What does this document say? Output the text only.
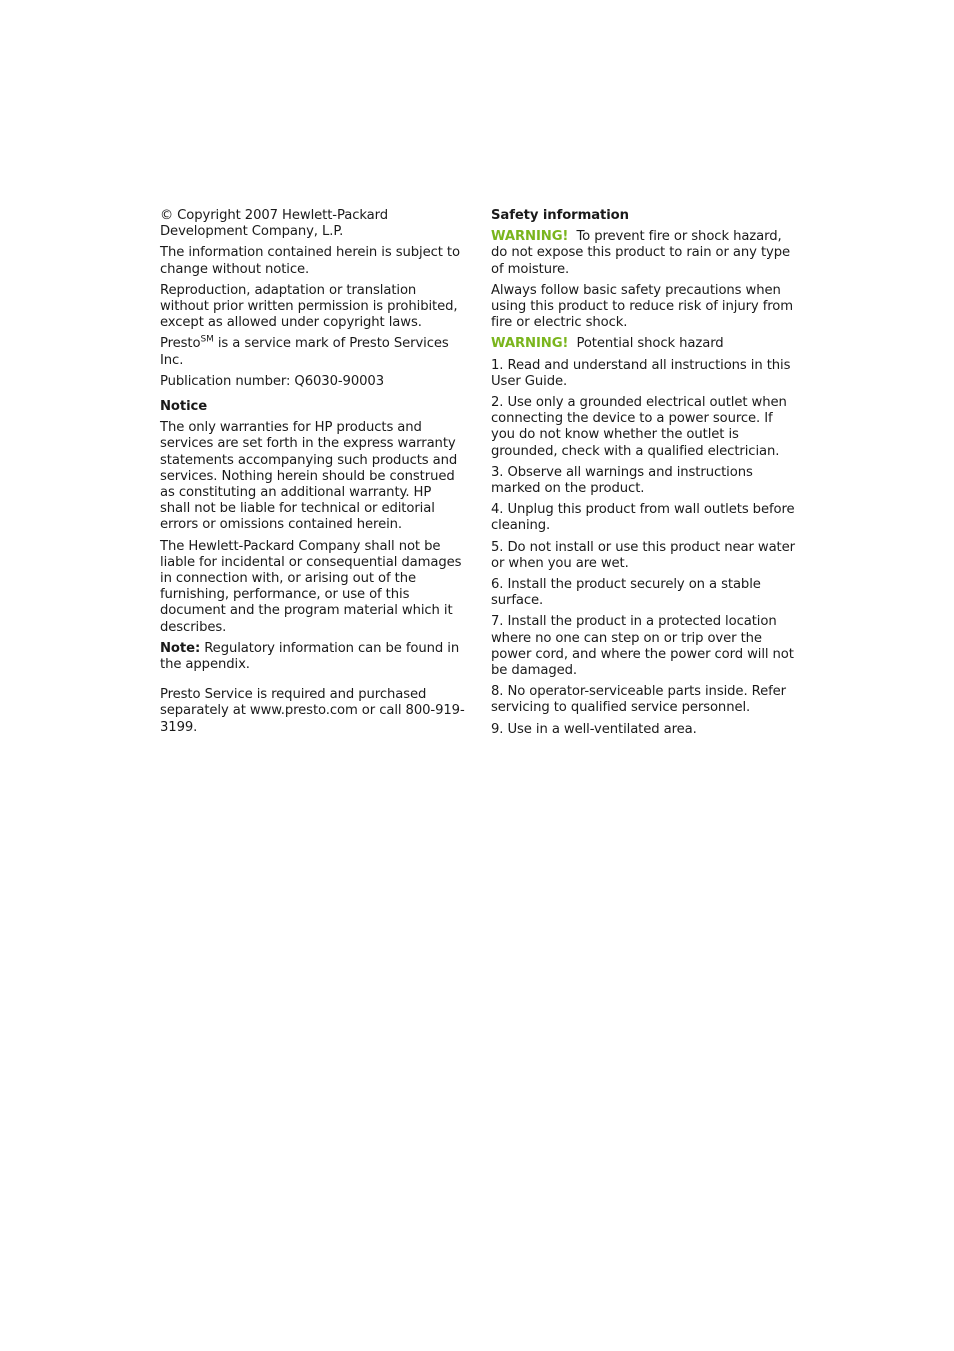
© Copyright 2007 Hewlett-Packard Development Company, L.P.

The information contained herein is subject to change without notice.

Reproduction, adaptation or translation without prior written permission is prohibited, except as allowed under copyright laws.

Presto℠ is a service mark of Presto Services Inc.

Publication number: Q6030-90003

Notice

The only warranties for HP products and services are set forth in the express warranty statements accompanying such products and services. Nothing herein should be construed as constituting an additional warranty. HP shall not be liable for technical or editorial errors or omissions contained herein.

The Hewlett-Packard Company shall not be liable for incidental or consequential damages in connection with, or arising out of the furnishing, performance, or use of this document and the program material which it describes.

Note: Regulatory information can be found in the appendix.

Presto Service is required and purchased separately at www.presto.com or call 800-919-3199.

Safety information

WARNING! To prevent fire or shock hazard, do not expose this product to rain or any type of moisture.

Always follow basic safety precautions when using this product to reduce risk of injury from fire or electric shock.

WARNING! Potential shock hazard

1. Read and understand all instructions in this User Guide.

2. Use only a grounded electrical outlet when connecting the device to a power source. If you do not know whether the outlet is grounded, check with a qualified electrician.

3. Observe all warnings and instructions marked on the product.

4. Unplug this product from wall outlets before cleaning.

5. Do not install or use this product near water or when you are wet.

6. Install the product securely on a stable surface.

7. Install the product in a protected location where no one can step on or trip over the power cord, and where the power cord will not be damaged.

8. No operator-serviceable parts inside. Refer servicing to qualified service personnel.

9. Use in a well-ventilated area.
